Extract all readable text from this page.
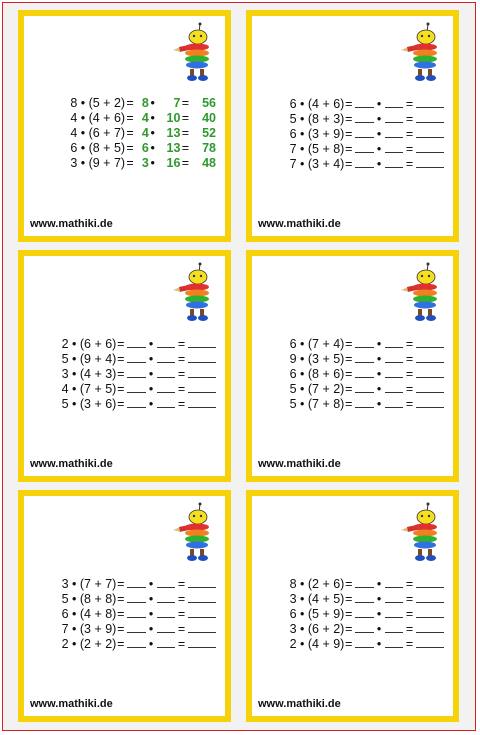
8 • (5 + 2) = 8 •	7 =	56
4 • (4 + 6) = 4 • 10 =	40
4 • (6 + 7) = 4 • 13 =	52
6 • (8 + 5) = 6 • 13 =	78
3 • (9 + 7) = 3 • 16 =	48
www.mathiki.de
6 • (4 + 6) = • =
5 • (8 + 3) = • =
6 • (3 + 9) = • =
7 • (5 + 8) = • =
7 • (3 + 4) = • =
www.mathiki.de
2 • (6 + 6) = • =
5 • (9 + 4) = • =
3 • (4 + 3) = • =
4 • (7 + 5) = • =
5 • (3 + 6) = • =
www.mathiki.de
6 • (7 + 4) = • =
9 • (3 + 5) = • =
6 • (8 + 6) = • =
5 • (7 + 2) = • =
5 • (7 + 8) = • =
www.mathiki.de
3 • (7 + 7) = • =
5 • (8 + 8) = • =
6 • (4 + 8) = • =
7 • (3 + 9) = • =
2 • (2 + 2) = • =
www.mathiki.de
8 • (2 + 6) = • =
3 • (4 + 5) = • =
6 • (5 + 9) = • =
3 • (6 + 2) = • =
2 • (4 + 9) = • =
www.mathiki.de
